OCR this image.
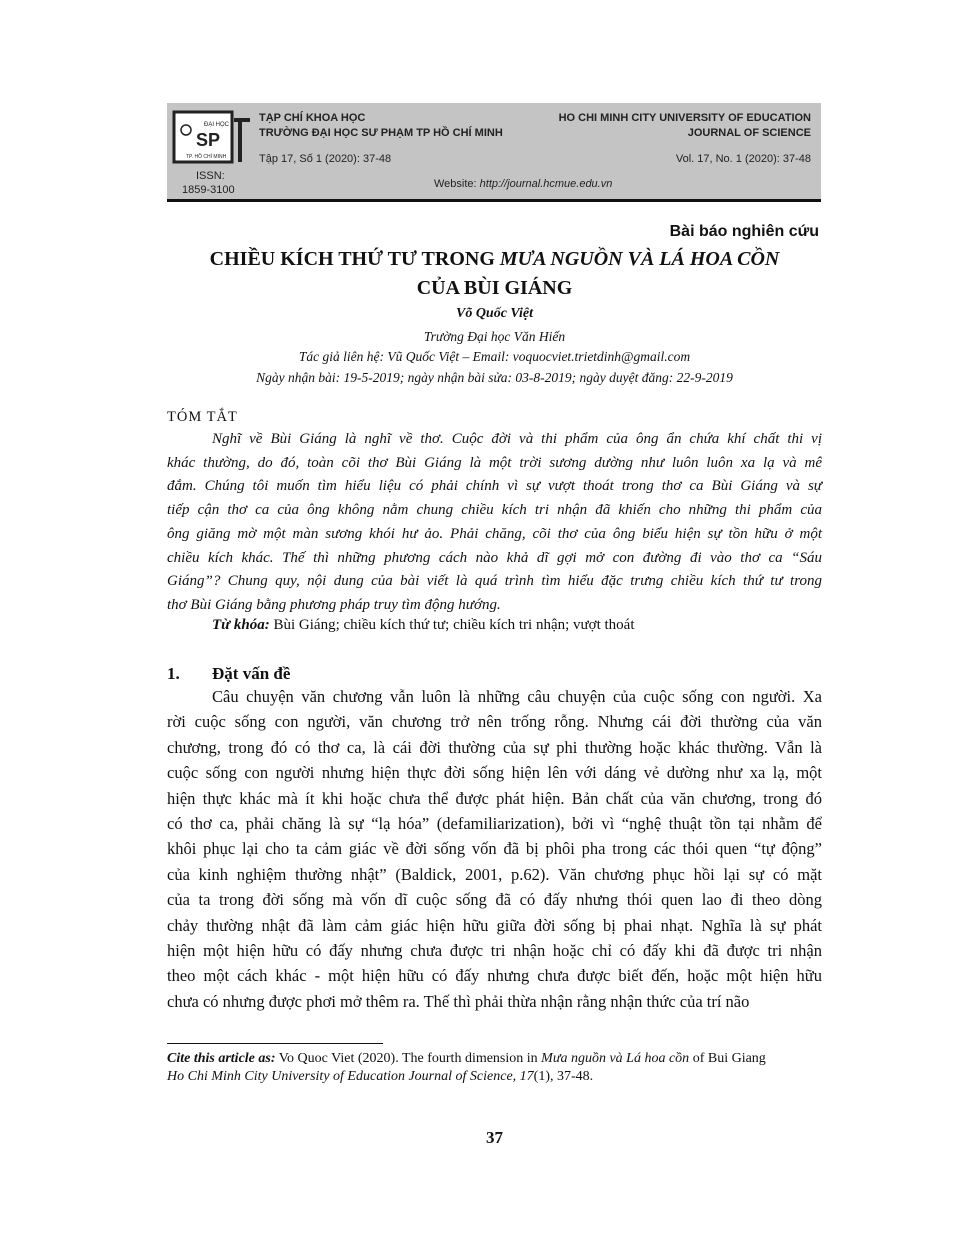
ĐẠI HỌC
SP
TP. HỒ CHÍ MINH
TẠP CHÍ KHOA HỌC
TRƯỜNG ĐẠI HỌC SƯ PHẠM TP HỒ CHÍ MINH
Tập 17, Số 1 (2020): 37-48
HO CHI MINH CITY UNIVERSITY OF EDUCATION
JOURNAL OF SCIENCE
Vol. 17, No. 1 (2020): 37-48
ISSN:
1859-3100	Website: http://journal.hcmue.edu.vn
Bài báo nghiên cứu
CHIỀU KÍCH THỨ TƯ TRONG MƯA NGUỒN VÀ LÁ HOA CỒN
CỦA BÙI GIÁNG
Võ Quốc Việt
Trường Đại học Văn Hiến
Tác giả liên hệ: Vũ Quốc Việt – Email: voquocviet.trietdinh@gmail.com
Ngày nhận bài: 19-5-2019; ngày nhận bài sửa: 03-8-2019; ngày duyệt đăng: 22-9-2019
TÓM TẮT
Nghĩ về Bùi Giáng là nghĩ về thơ. Cuộc đời và thi phẩm của ông ẩn chứa khí chất thi vị
khác thường, do đó, toàn cõi thơ Bùi Giáng là một trời sương dường như luôn luôn xa lạ và mê
đắm. Chúng tôi muốn tìm hiểu liệu có phải chính vì sự vượt thoát trong thơ ca Bùi Giáng và sự
tiếp cận thơ ca của ông không nằm chung chiều kích tri nhận đã khiến cho những thi phẩm của
ông giăng mờ một màn sương khói hư ảo. Phải chăng, cõi thơ của ông biểu hiện sự tồn hữu ở một
chiều kích khác. Thế thì những phương cách nào khả dĩ gợi mở con đường đi vào thơ ca “Sáu
Giáng”? Chung quy, nội dung của bài viết là quá trình tìm hiểu đặc trưng chiều kích thứ tư trong
thơ Bùi Giáng bằng phương pháp truy tìm động hướng.
Từ khóa: Bùi Giáng; chiều kích thứ tư; chiều kích tri nhận; vượt thoát
1. Đặt vấn đề
Câu chuyện văn chương vẫn luôn là những câu chuyện của cuộc sống con người. Xa
rời cuộc sống con người, văn chương trở nên trống rỗng. Nhưng cái đời thường của văn
chương, trong đó có thơ ca, là cái đời thường của sự phi thường hoặc khác thường. Vẫn là
cuộc sống con người nhưng hiện thực đời sống hiện lên với dáng vẻ dường như xa lạ, một
hiện thực khác mà ít khi hoặc chưa thể được phát hiện. Bản chất của văn chương, trong đó
có thơ ca, phải chăng là sự “lạ hóa” (defamiliarization), bởi vì “nghệ thuật tồn tại nhằm để
khôi phục lại cho ta cảm giác về đời sống vốn đã bị phôi pha trong các thói quen “tự động”
của kinh nghiệm thường nhật” (Baldick, 2001, p.62). Văn chương phục hồi lại sự có mặt
của ta trong đời sống mà vốn dĩ cuộc sống đã có đấy nhưng thói quen lao đi theo dòng
chảy thường nhật đã làm cảm giác hiện hữu giữa đời sống bị phai nhạt. Nghĩa là sự phát
hiện một hiện hữu có đấy nhưng chưa được tri nhận hoặc chỉ có đấy khi đã được tri nhận
theo một cách khác - một hiện hữu có đấy nhưng chưa được biết đến, hoặc một hiện hữu
chưa có nhưng được phơi mở thêm ra. Thế thì phải thừa nhận rằng nhận thức của trí não
Cite this article as: Vo Quoc Viet (2020). The fourth dimension in Mưa nguồn và Lá hoa cồn of Bui Giang
Ho Chi Minh City University of Education Journal of Science, 17(1), 37-48.
37
